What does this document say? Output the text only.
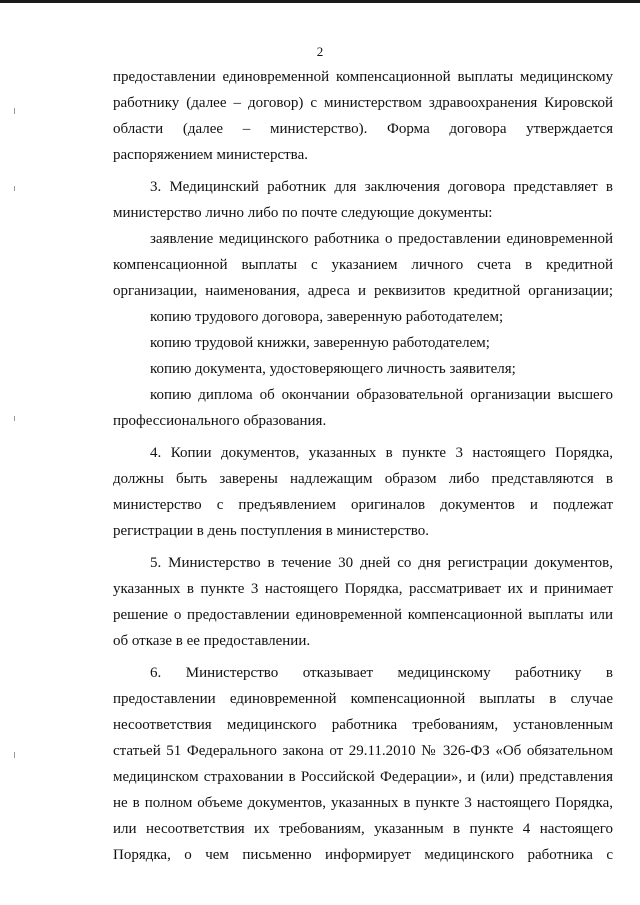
2
предоставлении единовременной компенсационной выплаты медицинскому
работнику (далее – договор) с министерством здравоохранения Кировской
области (далее – министерство). Форма договора утверждается
распоряжением министерства.
3. Медицинский работник для заключения договора представляет в
министерство лично либо по почте следующие документы:
заявление медицинского работника о предоставлении единовременной
компенсационной выплаты с указанием личного счета в кредитной
организации, наименования, адреса и реквизитов кредитной организации;
копию трудового договора, заверенную работодателем;
копию трудовой книжки, заверенную работодателем;
копию документа, удостоверяющего личность заявителя;
копию диплома об окончании образовательной организации высшего
профессионального образования.
4. Копии документов, указанных в пункте 3 настоящего Порядка,
должны быть заверены надлежащим образом либо представляются в
министерство с предъявлением оригиналов документов и подлежат
регистрации в день поступления в министерство.
5. Министерство в течение 30 дней со дня регистрации документов,
указанных в пункте 3 настоящего Порядка, рассматривает их и принимает
решение о предоставлении единовременной компенсационной выплаты или
об отказе в ее предоставлении.
6. Министерство отказывает медицинскому работнику в
предоставлении единовременной компенсационной выплаты в случае
несоответствия медицинского работника требованиям, установленным
статьей 51 Федерального закона от 29.11.2010 № 326-ФЗ «Об обязательном
медицинском страховании в Российской Федерации», и (или) представления
не в полном объеме документов, указанных в пункте 3 настоящего Порядка,
или несоответствия их требованиям, указанным в пункте 4 настоящего
Порядка, о чем письменно информирует медицинского работника с
